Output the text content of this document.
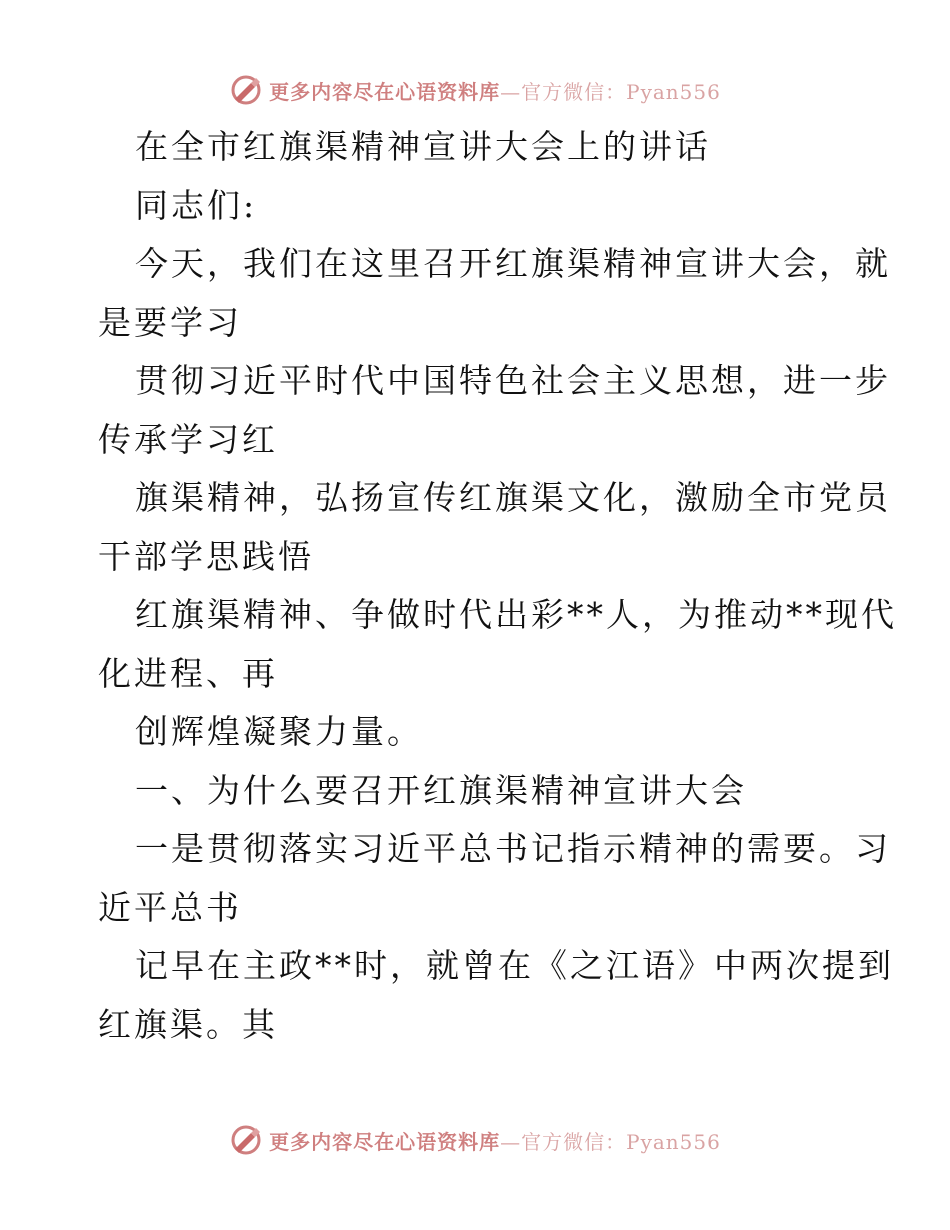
更多内容尽在心语资料库—官方微信：Pyan556
在全市红旗渠精神宣讲大会上的讲话
同志们:
今天，我们在这里召开红旗渠精神宣讲大会，就
是要学习
贯彻习近平时代中国特色社会主义思想，进一步
传承学习红
旗渠精神，弘扬宣传红旗渠文化，激励全市党员
干部学思践悟
红旗渠精神、争做时代出彩**人，为推动**现代
化进程、再
创辉煌凝聚力量。
一、为什么要召开红旗渠精神宣讲大会
一是贯彻落实习近平总书记指示精神的需要。习
近平总书
记早在主政**时，就曾在《之江语》中两次提到
红旗渠。其
更多内容尽在心语资料库—官方微信：Pyan556
